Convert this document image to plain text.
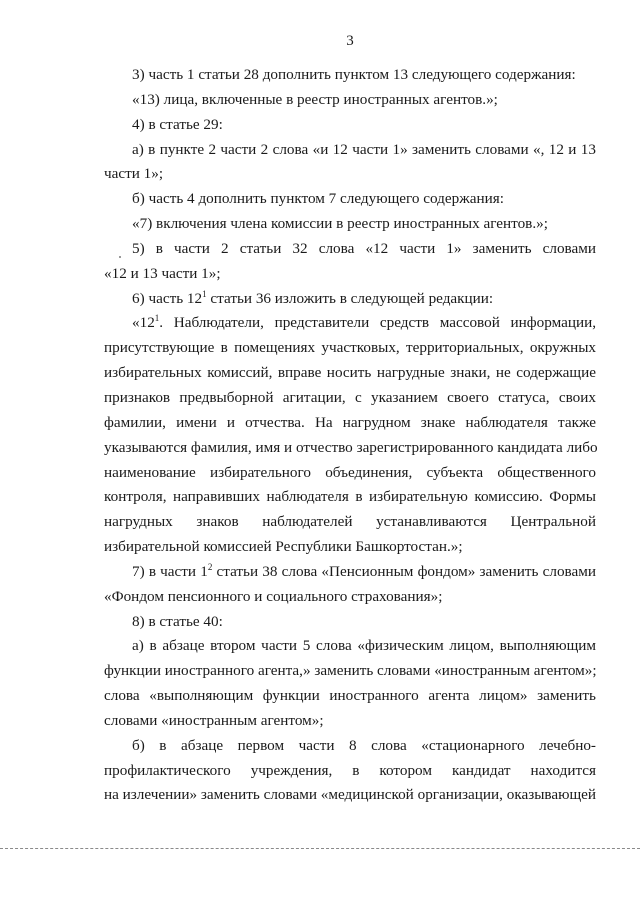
3
3) часть 1 статьи 28 дополнить пунктом 13 следующего содержания:
«13) лица, включенные в реестр иностранных агентов.»;
4) в статье 29:
а) в пункте 2 части 2 слова «и 12 части 1» заменить словами «, 12 и 13
части 1»;
б) часть 4 дополнить пунктом 7 следующего содержания:
«7) включения члена комиссии в реестр иностранных агентов.»;
5) в части 2 статьи 32 слова «12 части 1» заменить словами
«12 и 13 части 1»;
6) часть $12^1$ статьи 36 изложить в следующей редакции:
«$12^1$. Наблюдатели, представители средств массовой информации,
присутствующие в помещениях участковых, территориальных, окружных
избирательных комиссий, вправе носить нагрудные знаки, не содержащие
признаков предвыборной агитации, с указанием своего статуса, своих
фамилии, имени и отчества. На нагрудном знаке наблюдателя также
указываются фамилия, имя и отчество зарегистрированного кандидата либо
наименование избирательного объединения, субъекта общественного
контроля, направивших наблюдателя в избирательную комиссию. Формы
нагрудных знаков наблюдателей устанавливаются Центральной
избирательной комиссией Республики Башкортостан.»;
7) в части $1^2$ статьи 38 слова «Пенсионным фондом» заменить словами
«Фондом пенсионного и социального страхования»;
8) в статье 40:
а) в абзаце втором части 5 слова «физическим лицом, выполняющим
функции иностранного агента,» заменить словами «иностранным агентом»;
слова «выполняющим функции иностранного агента лицом» заменить
словами «иностранным агентом»;
б) в абзаце первом части 8 слова «стационарного лечебно-
профилактического учреждения, в котором кандидат находится
на излечении» заменить словами «медицинской организации, оказывающей
